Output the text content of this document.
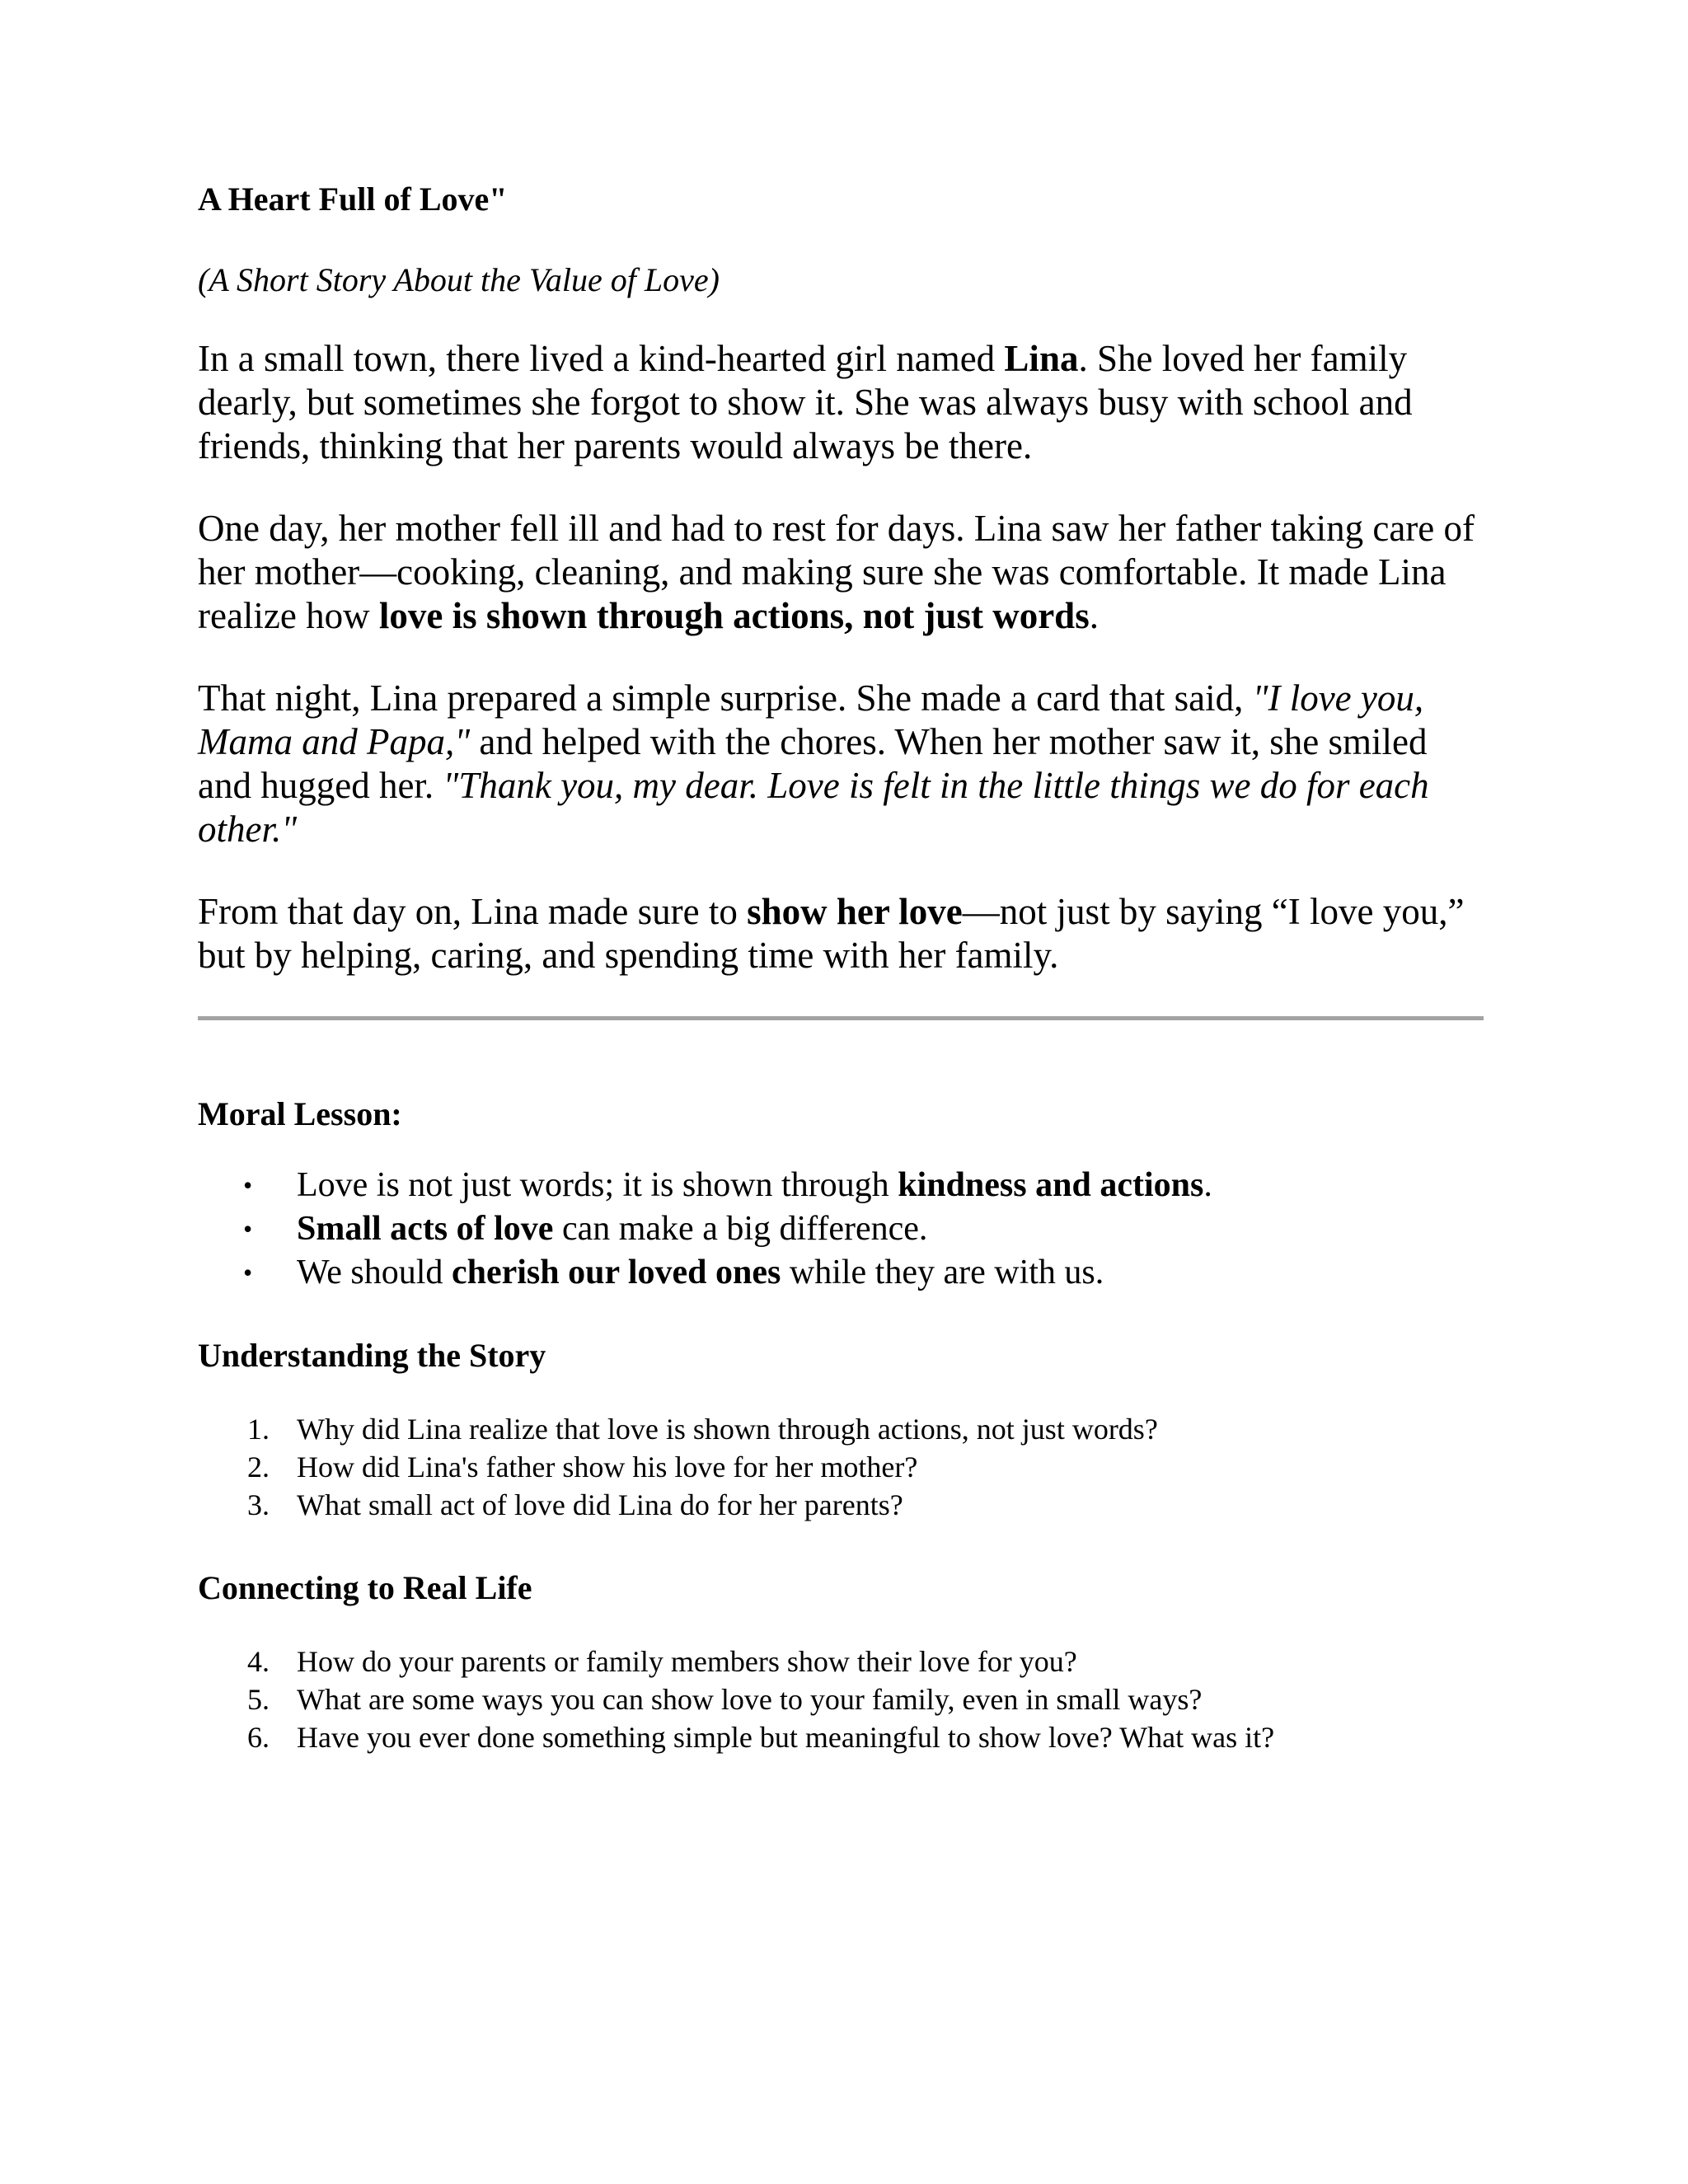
A Heart Full of Love"
(A Short Story About the Value of Love)

In a small town, there lived a kind-hearted girl named Lina. She loved her family dearly, but sometimes she forgot to show it. She was always busy with school and friends, thinking that her parents would always be there.

One day, her mother fell ill and had to rest for days. Lina saw her father taking care of her mother—cooking, cleaning, and making sure she was comfortable. It made Lina realize how love is shown through actions, not just words.

That night, Lina prepared a simple surprise. She made a card that said, "I love you, Mama and Papa," and helped with the chores. When her mother saw it, she smiled and hugged her. "Thank you, my dear. Love is felt in the little things we do for each other."

From that day on, Lina made sure to show her love—not just by saying “I love you,” but by helping, caring, and spending time with her family.

Moral Lesson:
• Love is not just words; it is shown through kindness and actions.
• Small acts of love can make a big difference.
• We should cherish our loved ones while they are with us.
Understanding the Story
1. Why did Lina realize that love is shown through actions, not just words?
2. How did Lina's father show his love for her mother?
3. What small act of love did Lina do for her parents?
Connecting to Real Life
4. How do your parents or family members show their love for you?
5. What are some ways you can show love to your family, even in small ways?
6. Have you ever done something simple but meaningful to show love? What was it?
